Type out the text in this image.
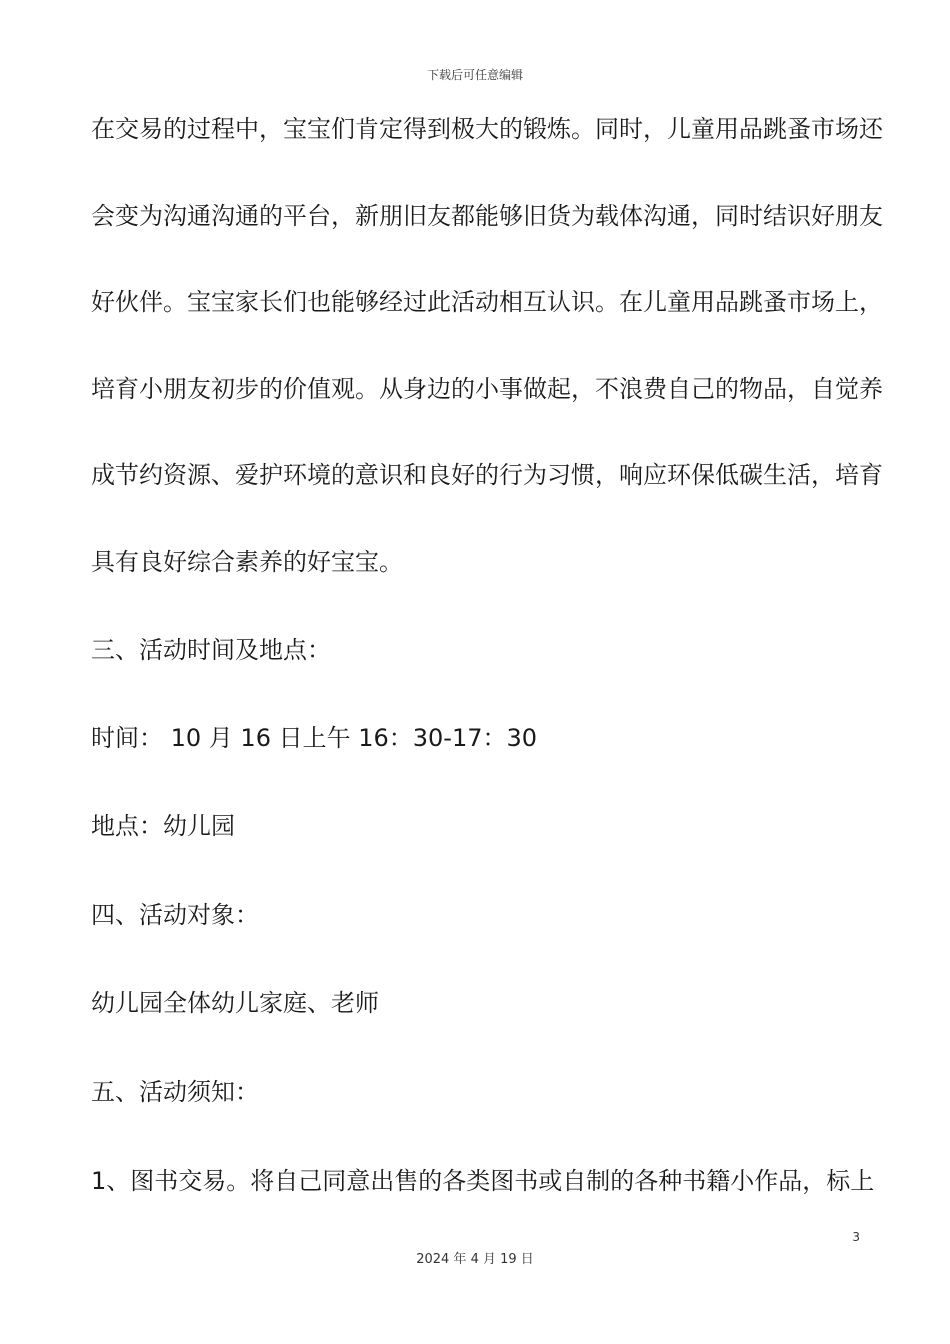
下载后可任意编辑

在交易的过程中，宝宝们肯定得到极大的锻炼。同时，儿童用品跳蚤市场还

会变为沟通沟通的平台，新朋旧友都能够旧货为载体沟通，同时结识好朋友

好伙伴。宝宝家长们也能够经过此活动相互认识。在儿童用品跳蚤市场上，

培育小朋友初步的价值观。从身边的小事做起，不浪费自己的物品，自觉养

成节约资源、爱护环境的意识和良好的行为习惯，响应环保低碳生活，培育

具有良好综合素养的好宝宝。

三、活动时间及地点：

时间： 10 月 16 日上午 16：30-17：30

地点：幼儿园

四、活动对象：

幼儿园全体幼儿家庭、老师

五、活动须知：

1、图书交易。将自己同意出售的各类图书或自制的各种书籍小作品，标上

3
2024 年 4 月 19 日
